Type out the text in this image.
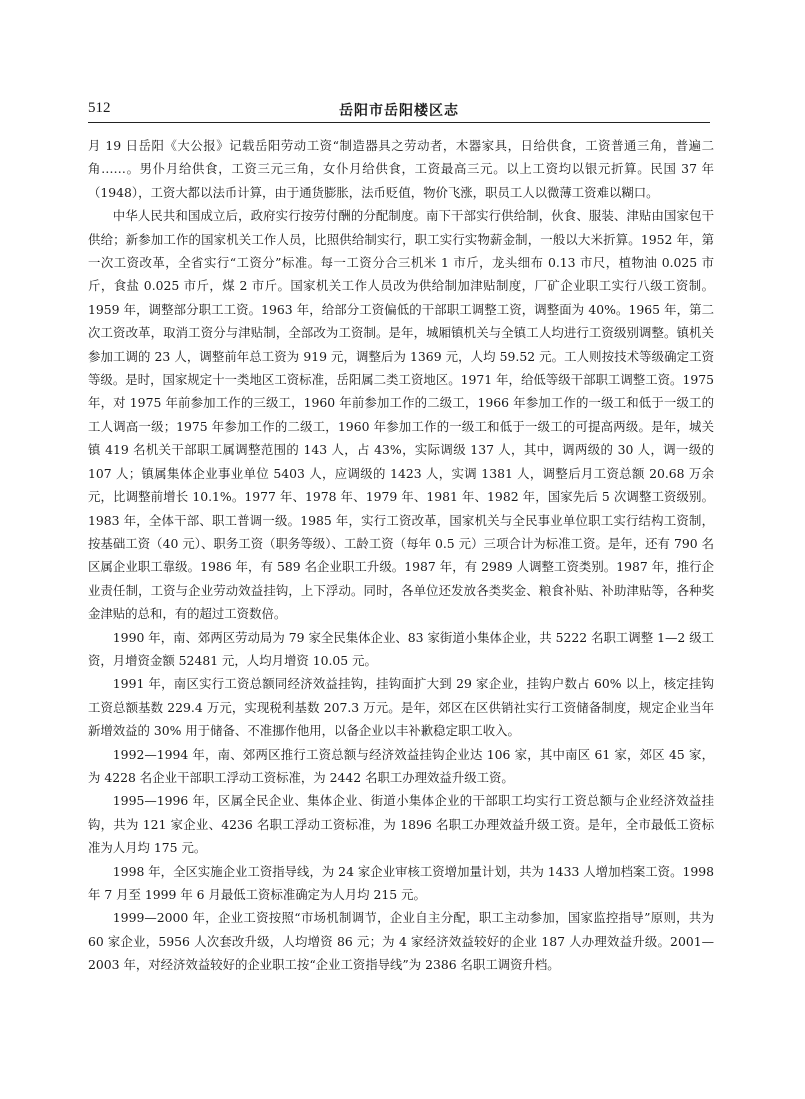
512	岳阳市岳阳楼区志

月 19 日岳阳《大公报》记载岳阳劳动工资“制造器具之劳动者，木器家具，日给供食，工资普通三角，普遍二角……。男仆月给供食，工资三元三角，女仆月给供食，工资最高三元。以上工资均以银元折算。民国 37 年（1948），工资大都以法币计算，由于通货膨胀，法币贬值，物价飞涨，职员工人以微薄工资难以糊口。

中华人民共和国成立后，政府实行按劳付酬的分配制度。南下干部实行供给制，伙食、服装、津贴由国家包干供给；新参加工作的国家机关工作人员，比照供给制实行，职工实行实物薪金制，一般以大米折算。1952 年，第一次工资改革，全省实行“工资分”标准。每一工资分合三机米 1 市斤，龙头细布 0.13 市尺，植物油 0.025 市斤，食盐 0.025 市斤，煤 2 市斤。国家机关工作人员改为供给制加津贴制度，厂矿企业职工实行八级工资制。1959 年，调整部分职工工资。1963 年，给部分工资偏低的干部职工调整工资，调整面为 40%。1965 年，第二次工资改革，取消工资分与津贴制，全部改为工资制。是年，城厢镇机关与全镇工人均进行工资级别调整。镇机关参加工调的 23 人，调整前年总工资为 919 元，调整后为 1369 元，人均 59.52 元。工人则按技术等级确定工资等级。是时，国家规定十一类地区工资标准，岳阳属二类工资地区。1971 年，给低等级干部职工调整工资。1975 年，对 1975 年前参加工作的三级工，1960 年前参加工作的二级工，1966 年参加工作的一级工和低于一级工的工人调高一级；1975 年参加工作的二级工，1960 年参加工作的一级工和低于一级工的可提高两级。是年，城关镇 419 名机关干部职工属调整范围的 143 人，占 43%，实际调级 137 人，其中，调两级的 30 人，调一级的 107 人；镇属集体企业事业单位 5403 人，应调级的 1423 人，实调 1381 人，调整后月工资总额 20.68 万余元，比调整前增长 10.1%。1977 年、1978 年、1979 年、1981 年、1982 年，国家先后 5 次调整工资级别。1983 年，全体干部、职工普调一级。1985 年，实行工资改革，国家机关与全民事业单位职工实行结构工资制，按基础工资（40 元）、职务工资（职务等级）、工龄工资（每年 0.5 元）三项合计为标准工资。是年，还有 790 名区属企业职工靠级。1986 年，有 589 名企业职工升级。1987 年，有 2989 人调整工资类别。1987 年，推行企业责任制，工资与企业劳动效益挂钩，上下浮动。同时，各单位还发放各类奖金、粮食补贴、补助津贴等，各种奖金津贴的总和，有的超过工资数倍。

1990 年，南、郊两区劳动局为 79 家全民集体企业、83 家街道小集体企业，共 5222 名职工调整 1—2 级工资，月增资金额 52481 元，人均月增资 10.05 元。

1991 年，南区实行工资总额同经济效益挂钩，挂钩面扩大到 29 家企业，挂钩户数占 60% 以上，核定挂钩工资总额基数 229.4 万元，实现税利基数 207.3 万元。是年，郊区在区供销社实行工资储备制度，规定企业当年新增效益的 30% 用于储备、不准挪作他用，以备企业以丰补歉稳定职工收入。

1992—1994 年，南、郊两区推行工资总额与经济效益挂钩企业达 106 家，其中南区 61 家，郊区 45 家，为 4228 名企业干部职工浮动工资标准，为 2442 名职工办理效益升级工资。

1995—1996 年，区属全民企业、集体企业、街道小集体企业的干部职工均实行工资总额与企业经济效益挂钩，共为 121 家企业、4236 名职工浮动工资标准，为 1896 名职工办理效益升级工资。是年，全市最低工资标准为人月均 175 元。

1998 年，全区实施企业工资指导线，为 24 家企业审核工资增加量计划，共为 1433 人增加档案工资。1998 年 7 月至 1999 年 6 月最低工资标准确定为人月均 215 元。

1999—2000 年，企业工资按照“市场机制调节，企业自主分配，职工主动参加，国家监控指导”原则，共为 60 家企业，5956 人次套改升级，人均增资 86 元；为 4 家经济效益较好的企业 187 人办理效益升级。2001—2003 年，对经济效益较好的企业职工按“企业工资指导线”为 2386 名职工调资升档。
